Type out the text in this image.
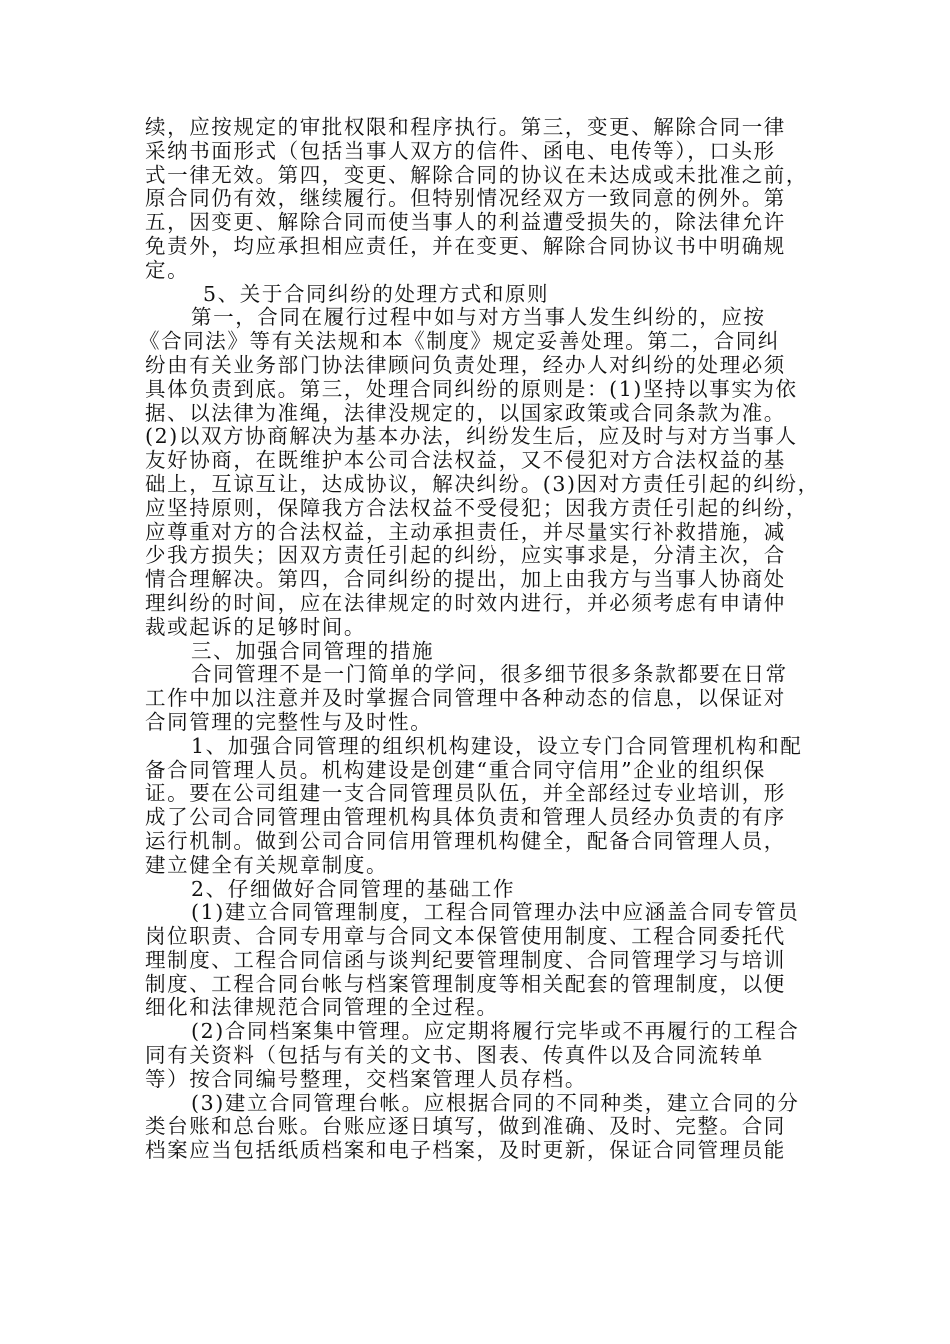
续，应按规定的审批权限和程序执行。第三，变更、解除合同一律
采纳书面形式（包括当事人双方的信件、函电、电传等），口头形
式一律无效。第四，变更、解除合同的协议在未达成或未批准之前，
原合同仍有效，继续履行。但特别情况经双方一致同意的例外。第
五，因变更、解除合同而使当事人的利益遭受损失的，除法律允许
免责外，均应承担相应责任，并在变更、解除合同协议书中明确规
定。
5、关于合同纠纷的处理方式和原则
第一，合同在履行过程中如与对方当事人发生纠纷的，应按
《合同法》等有关法规和本《制度》规定妥善处理。第二，合同纠
纷由有关业务部门协法律顾问负责处理，经办人对纠纷的处理必须
具体负责到底。第三，处理合同纠纷的原则是：(1)坚持以事实为依
据、以法律为准绳，法律没规定的，以国家政策或合同条款为准。
(2)以双方协商解决为基本办法，纠纷发生后，应及时与对方当事人
友好协商，在既维护本公司合法权益，又不侵犯对方合法权益的基
础上，互谅互让，达成协议，解决纠纷。(3)因对方责任引起的纠纷，
应坚持原则，保障我方合法权益不受侵犯；因我方责任引起的纠纷，
应尊重对方的合法权益，主动承担责任，并尽量实行补救措施，减
少我方损失；因双方责任引起的纠纷，应实事求是，分清主次，合
情合理解决。第四，合同纠纷的提出，加上由我方与当事人协商处
理纠纷的时间，应在法律规定的时效内进行，并必须考虑有申请仲
裁或起诉的足够时间。
三、加强合同管理的措施
合同管理不是一门简单的学问，很多细节很多条款都要在日常
工作中加以注意并及时掌握合同管理中各种动态的信息，以保证对
合同管理的完整性与及时性。
1、加强合同管理的组织机构建设，设立专门合同管理机构和配
备合同管理人员。机构建设是创建“重合同守信用”企业的组织保
证。要在公司组建一支合同管理员队伍，并全部经过专业培训，形
成了公司合同管理由管理机构具体负责和管理人员经办负责的有序
运行机制。做到公司合同信用管理机构健全，配备合同管理人员，
建立健全有关规章制度。
2、仔细做好合同管理的基础工作
(1)建立合同管理制度，工程合同管理办法中应涵盖合同专管员
岗位职责、合同专用章与合同文本保管使用制度、工程合同委托代
理制度、工程合同信函与谈判纪要管理制度、合同管理学习与培训
制度、工程合同台帐与档案管理制度等相关配套的管理制度，以便
细化和法律规范合同管理的全过程。
(2)合同档案集中管理。应定期将履行完毕或不再履行的工程合
同有关资料（包括与有关的文书、图表、传真件以及合同流转单
等）按合同编号整理，交档案管理人员存档。
(3)建立合同管理台帐。应根据合同的不同种类，建立合同的分
类台账和总台账。台账应逐日填写，做到准确、及时、完整。合同
档案应当包括纸质档案和电子档案，及时更新，保证合同管理员能
